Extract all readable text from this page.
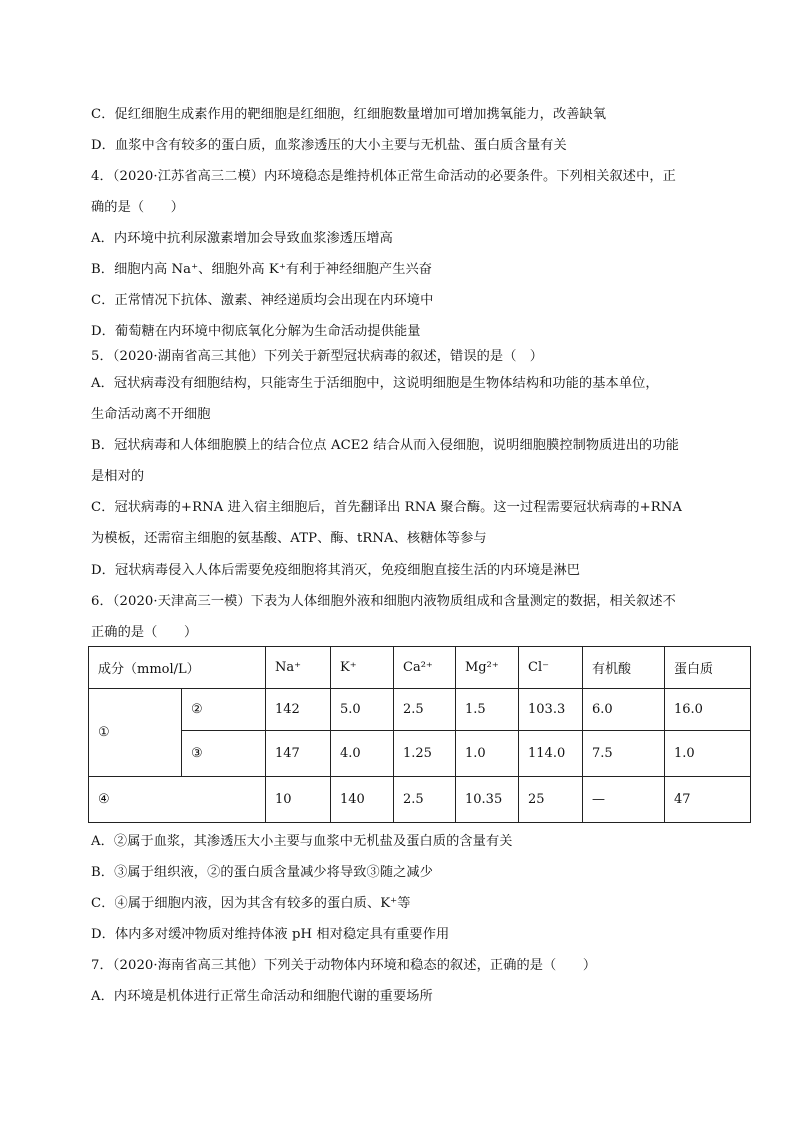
C．促红细胞生成素作用的靶细胞是红细胞，红细胞数量增加可增加携氧能力，改善缺氧
D．血浆中含有较多的蛋白质，血浆渗透压的大小主要与无机盐、蛋白质含量有关
4．（2020·江苏省高三二模）内环境稳态是维持机体正常生命活动的必要条件。下列相关叙述中，正
确的是（　　）
A．内环境中抗利尿激素增加会导致血浆渗透压增高
B．细胞内高 Na⁺、细胞外高 K⁺有利于神经细胞产生兴奋
C．正常情况下抗体、激素、神经递质均会出现在内环境中
D．葡萄糖在内环境中彻底氧化分解为生命活动提供能量
5．（2020·湖南省高三其他）下列关于新型冠状病毒的叙述，错误的是（　）
A．冠状病毒没有细胞结构，只能寄生于活细胞中，这说明细胞是生物体结构和功能的基本单位，
生命活动离不开细胞
B．冠状病毒和人体细胞膜上的结合位点 ACE2 结合从而入侵细胞，说明细胞膜控制物质进出的功能
是相对的
C．冠状病毒的+RNA 进入宿主细胞后，首先翻译出 RNA 聚合酶。这一过程需要冠状病毒的+RNA
为模板，还需宿主细胞的氨基酸、ATP、酶、tRNA、核糖体等参与
D．冠状病毒侵入人体后需要免疫细胞将其消灭，免疫细胞直接生活的内环境是淋巴
6．（2020·天津高三一模）下表为人体细胞外液和细胞内液物质组成和含量测定的数据，相关叙述不
正确的是（　　）
成分（mmol/L）		Na⁺	K⁺	Ca²⁺	Mg²⁺	Cl⁻	有机酸	蛋白质
①	②	142	5.0	2.5	1.5	103.3	6.0	16.0
	③	147	4.0	1.25	1.0	114.0	7.5	1.0
④		10	140	2.5	10.35	25	—	47
A．②属于血浆，其渗透压大小主要与血浆中无机盐及蛋白质的含量有关
B．③属于组织液，②的蛋白质含量减少将导致③随之减少
C．④属于细胞内液，因为其含有较多的蛋白质、K⁺等
D．体内多对缓冲物质对维持体液 pH 相对稳定具有重要作用
7．（2020·海南省高三其他）下列关于动物体内环境和稳态的叙述，正确的是（　　）
A．内环境是机体进行正常生命活动和细胞代谢的重要场所
